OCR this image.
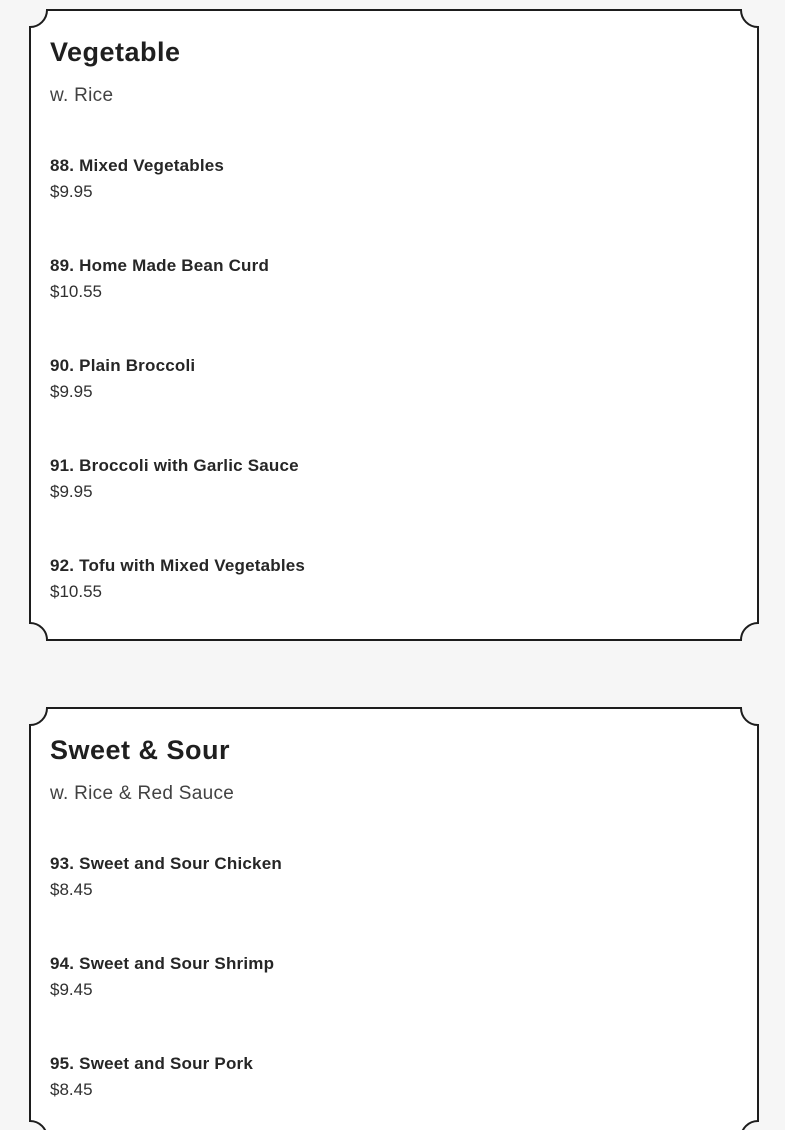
Vegetable

w. Rice

88. Mixed Vegetables
$9.95
89. Home Made Bean Curd
$10.55
90. Plain Broccoli
$9.95
91. Broccoli with Garlic Sauce
$9.95
92. Tofu with Mixed Vegetables
$10.55
Sweet & Sour

w. Rice & Red Sauce

93. Sweet and Sour Chicken
$8.45
94. Sweet and Sour Shrimp
$9.45
95. Sweet and Sour Pork
$8.45
